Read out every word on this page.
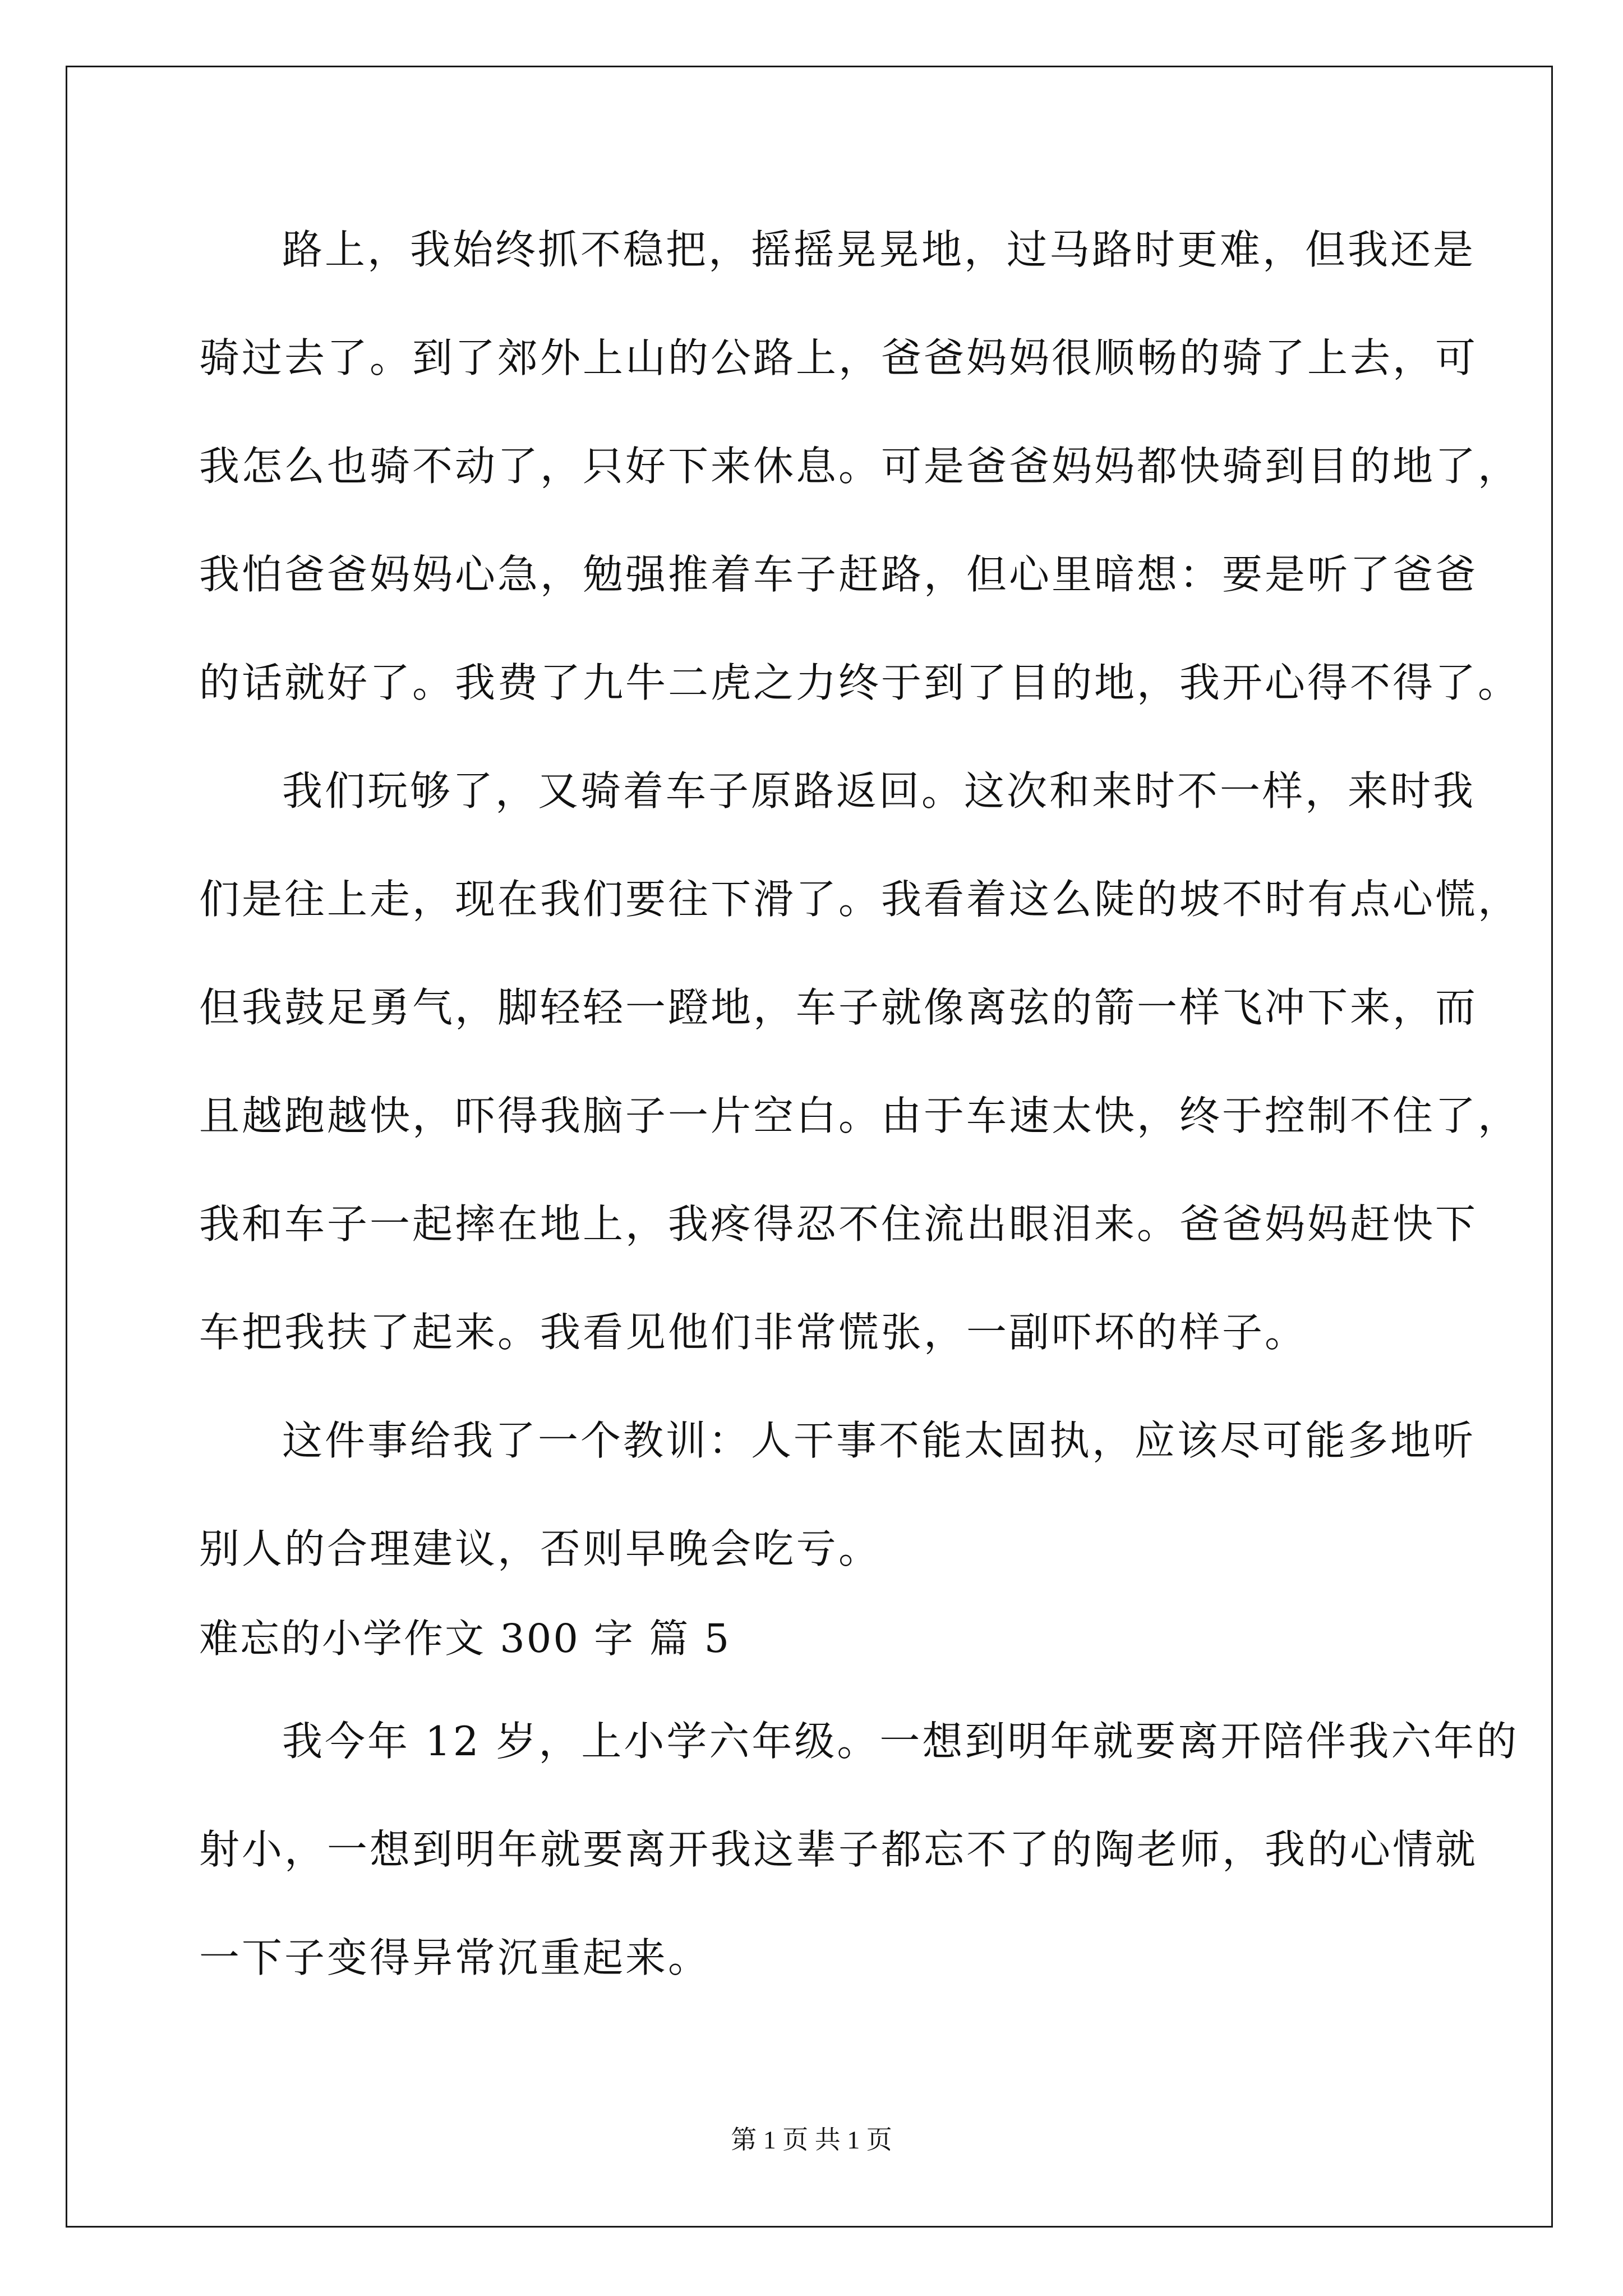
路上，我始终抓不稳把，摇摇晃晃地，过马路时更难，但我还是
骑过去了。到了郊外上山的公路上，爸爸妈妈很顺畅的骑了上去，可
我怎么也骑不动了，只好下来休息。可是爸爸妈妈都快骑到目的地了，
我怕爸爸妈妈心急，勉强推着车子赶路，但心里暗想：要是听了爸爸
的话就好了。我费了九牛二虎之力终于到了目的地，我开心得不得了。
我们玩够了，又骑着车子原路返回。这次和来时不一样，来时我
们是往上走，现在我们要往下滑了。我看着这么陡的坡不时有点心慌，
但我鼓足勇气，脚轻轻一蹬地，车子就像离弦的箭一样飞冲下来，而
且越跑越快，吓得我脑子一片空白。由于车速太快，终于控制不住了，
我和车子一起摔在地上，我疼得忍不住流出眼泪来。爸爸妈妈赶快下
车把我扶了起来。我看见他们非常慌张，一副吓坏的样子。
这件事给我了一个教训：人干事不能太固执，应该尽可能多地听
别人的合理建议，否则早晚会吃亏。
难忘的小学作文 300 字 篇 5
我今年 12 岁，上小学六年级。一想到明年就要离开陪伴我六年的
射小，一想到明年就要离开我这辈子都忘不了的陶老师，我的心情就
一下子变得异常沉重起来。
第 1 页 共 1 页
